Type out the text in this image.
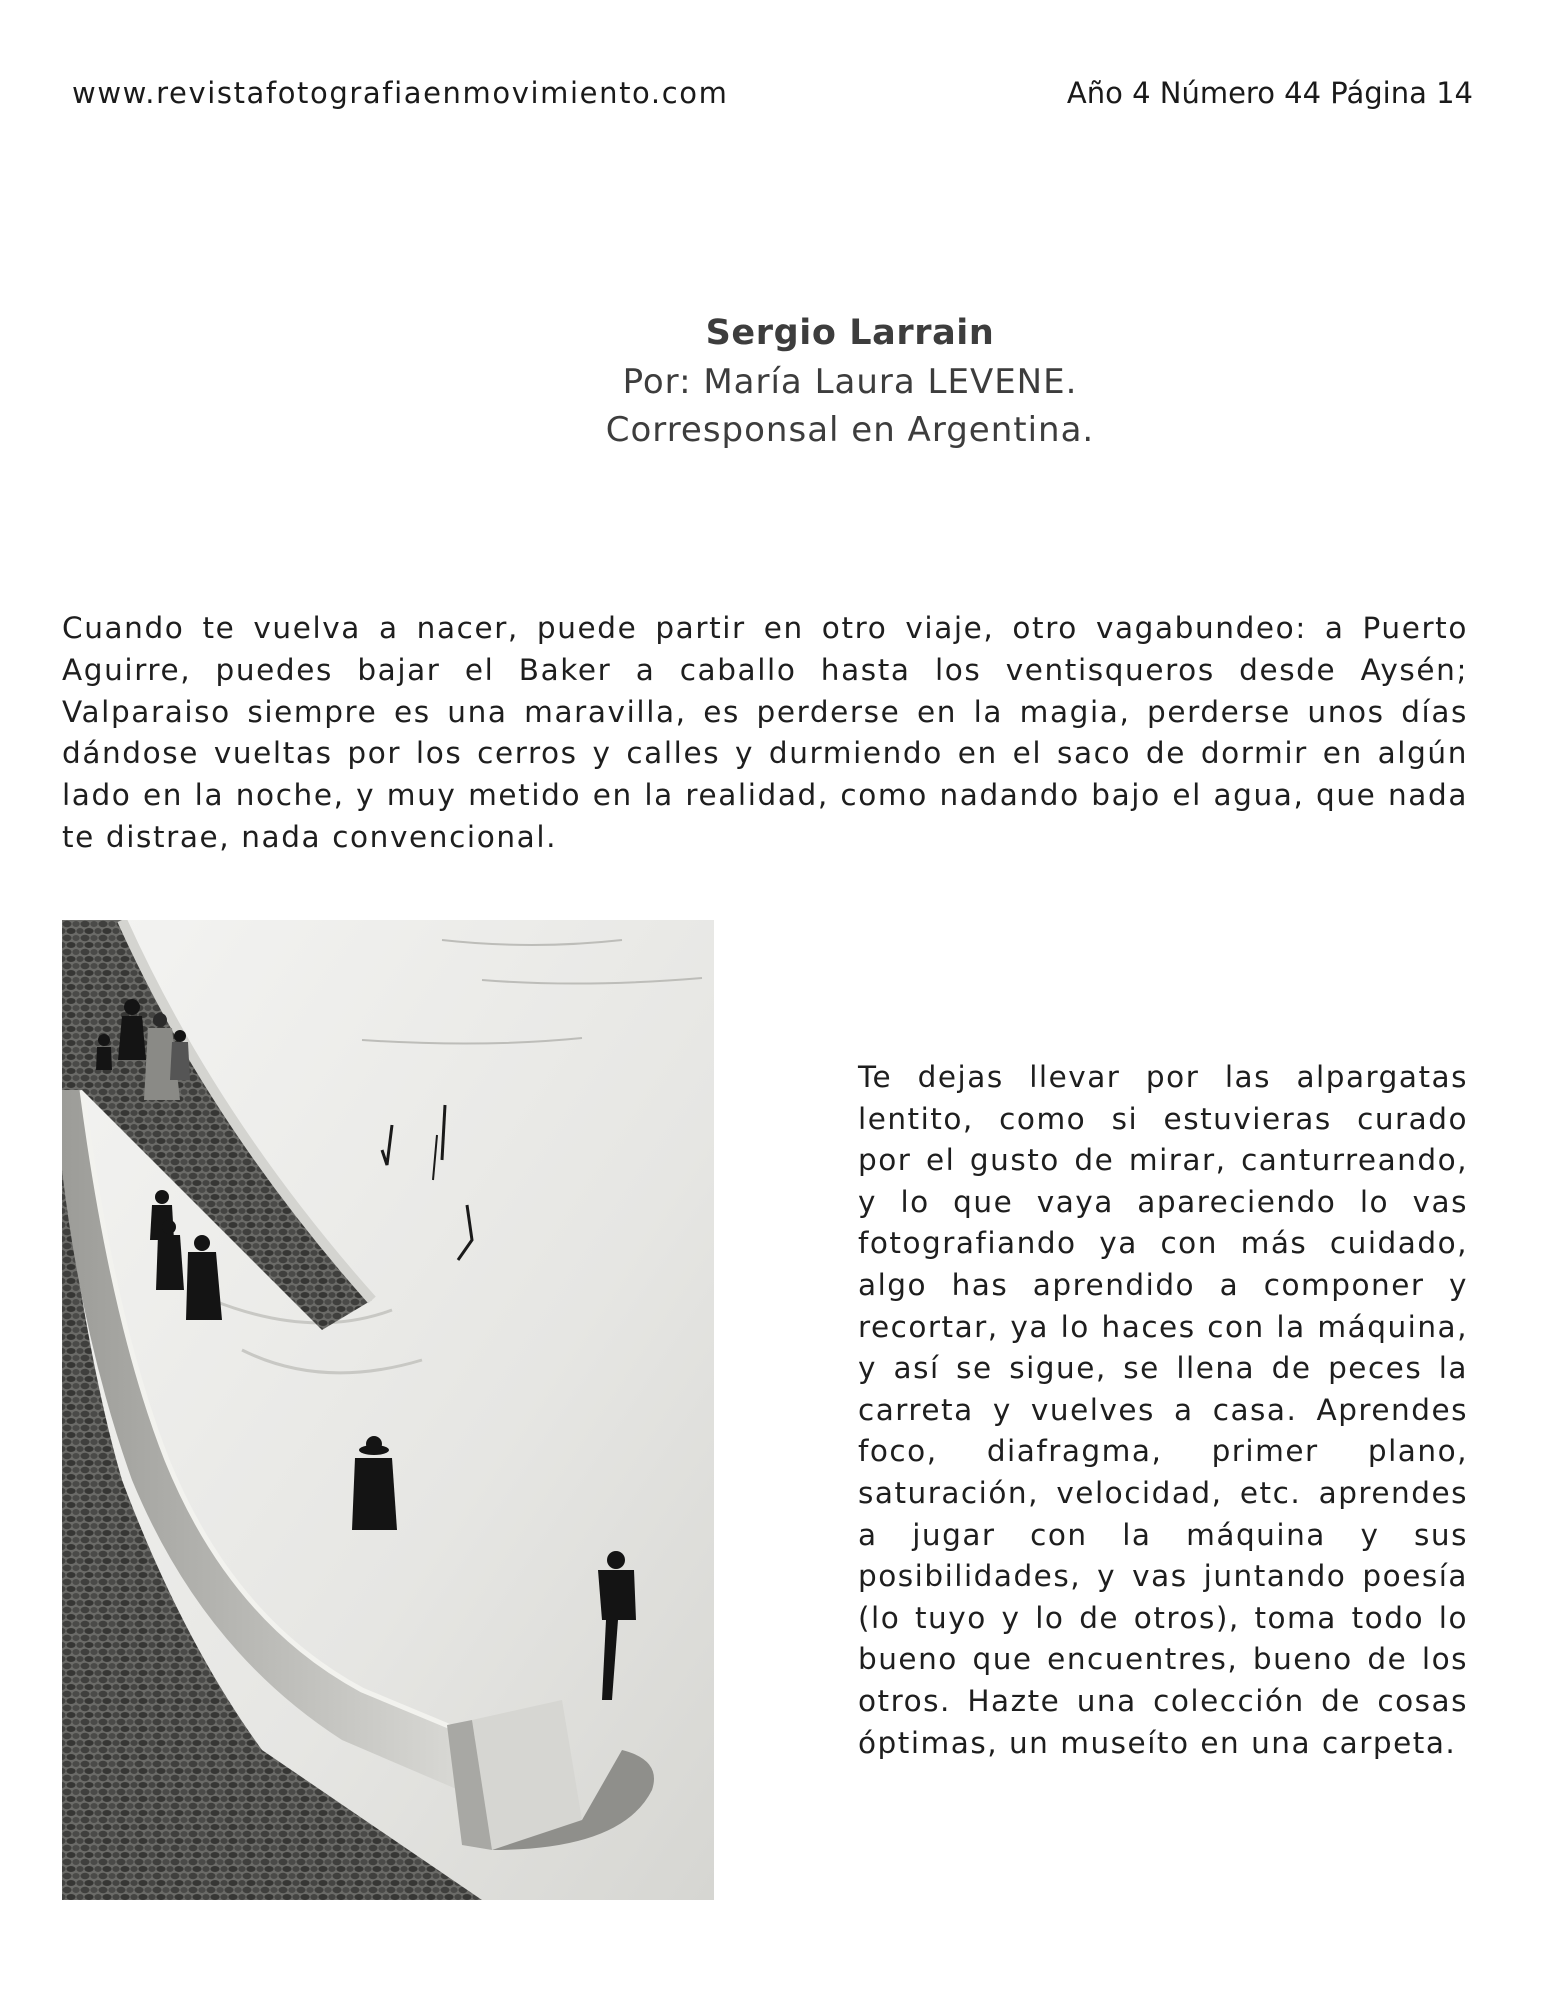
www.revistafotografiaenmovimiento.com	Año 4 Número 44 Página 14
Sergio Larrain
Por: María Laura LEVENE.
Corresponsal en Argentina.

Cuando te vuelva a nacer, puede partir en otro viaje, otro vagabundeo: a Puerto Aguirre, puedes bajar el Baker a caballo hasta los ventisqueros desde Aysén; Valparaiso siempre es una maravilla, es perderse en la magia, perderse unos días dándose vueltas por los cerros y calles y durmiendo en el saco de dormir en algún lado en la noche, y muy metido en la realidad, como nadando bajo el agua, que nada te distrae, nada convencional.

Te dejas llevar por las alpargatas lentito, como si estuvieras curado por el gusto de mirar, canturreando, y lo que vaya apareciendo lo vas fotografiando ya con más cuidado, algo has aprendido a componer y recortar, ya lo haces con la máquina, y así se sigue, se llena de peces la carreta y vuelves a casa. Aprendes foco, diafragma, primer plano, saturación, velocidad, etc. aprendes a jugar con la máquina y sus posibilidades, y vas juntando poesía (lo tuyo y lo de otros), toma todo lo bueno que encuentres, bueno de los otros. Hazte una colección de cosas óptimas, un museíto en una carpeta.
